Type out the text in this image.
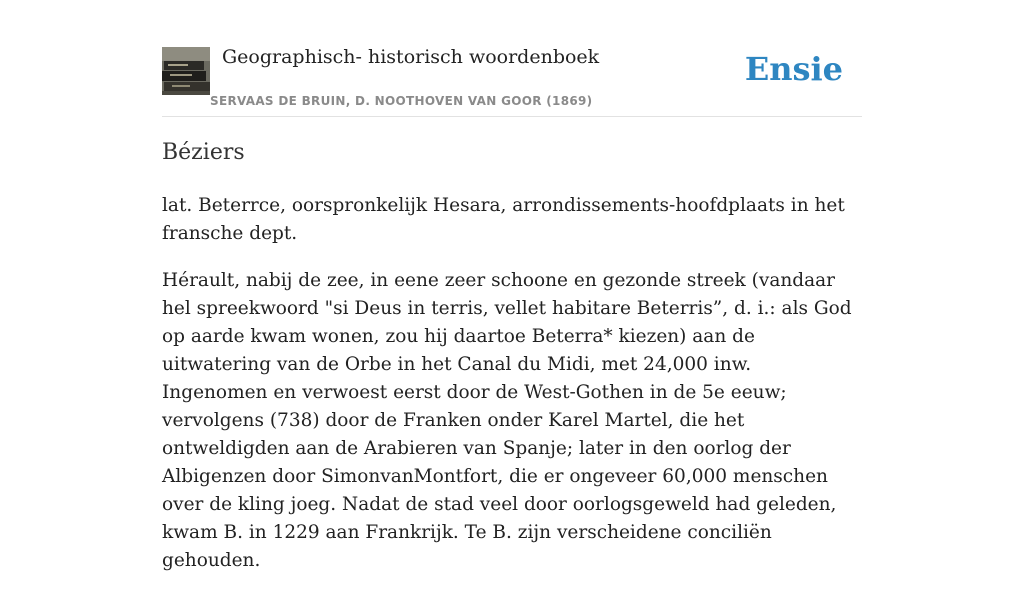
Geographisch- historisch woordenboek
SERVAAS DE BRUIN, D. NOOTHOVEN VAN GOOR (1869)
Ensie
Béziers

lat. Beterrce, oorspronkelijk Hesara, arrondissements-hoofdplaats in het fransche dept.

Hérault, nabij de zee, in eene zeer schoone en gezonde streek (vandaar hel spreekwoord "si Deus in terris, vellet habitare Beterris”, d. i.: als God op aarde kwam wonen, zou hij daartoe Beterra* kiezen) aan de uitwatering van de Orbe in het Canal du Midi, met 24,000 inw. Ingenomen en verwoest eerst door de West-Gothen in de 5e eeuw; vervolgens (738) door de Franken onder Karel Martel, die het ontweldigden aan de Arabieren van Spanje; later in den oorlog der Albigenzen door SimonvanMontfort, die er ongeveer 60,000 menschen over de kling joeg. Nadat de stad veel door oorlogsgeweld had geleden, kwam B. in 1229 aan Frankrijk. Te B. zijn verscheidene conciliën gehouden.
